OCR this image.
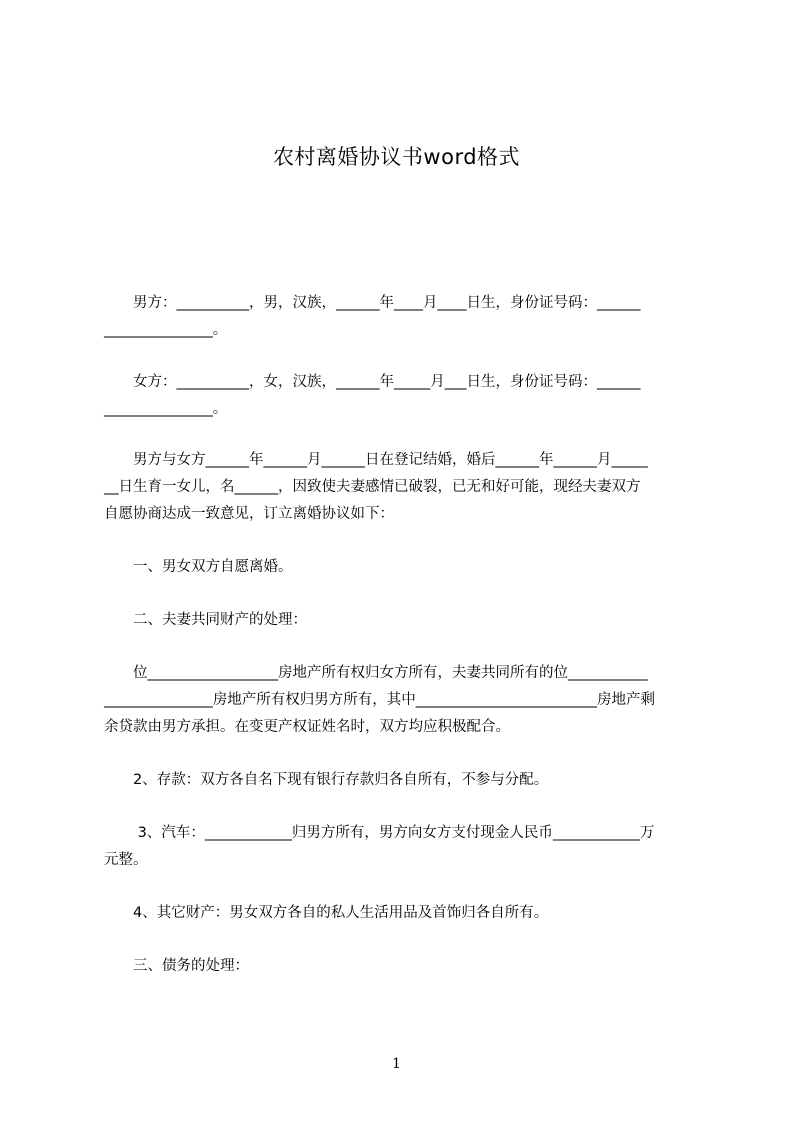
农村离婚协议书word格式
　　男方：__________，男，汉族，______年____月____日生，身份证号码：______
_______________。
　　女方：__________，女，汉族，______年_____月___日生，身份证号码：______
_______________。
　　男方与女方______年______月______日在登记结婚，婚后______年______月_____
__日生育一女儿，名______，因致使夫妻感情已破裂，已无和好可能，现经夫妻双方
自愿协商达成一致意见，订立离婚协议如下：
　　一、男女双方自愿离婚。
　　二、夫妻共同财产的处理：
　　位__________________房地产所有权归女方所有，夫妻共同所有的位___________
_______________房地产所有权归男方所有，其中_________________________房地产剩
余贷款由男方承担。在变更产权证姓名时，双方均应积极配合。
　　2、存款：双方各自名下现有银行存款归各自所有，不参与分配。
　　 3、汽车：____________归男方所有，男方向女方支付现金人民币____________万
元整。
　　4、其它财产：男女双方各自的私人生活用品及首饰归各自所有。
　　三、债务的处理：
1
